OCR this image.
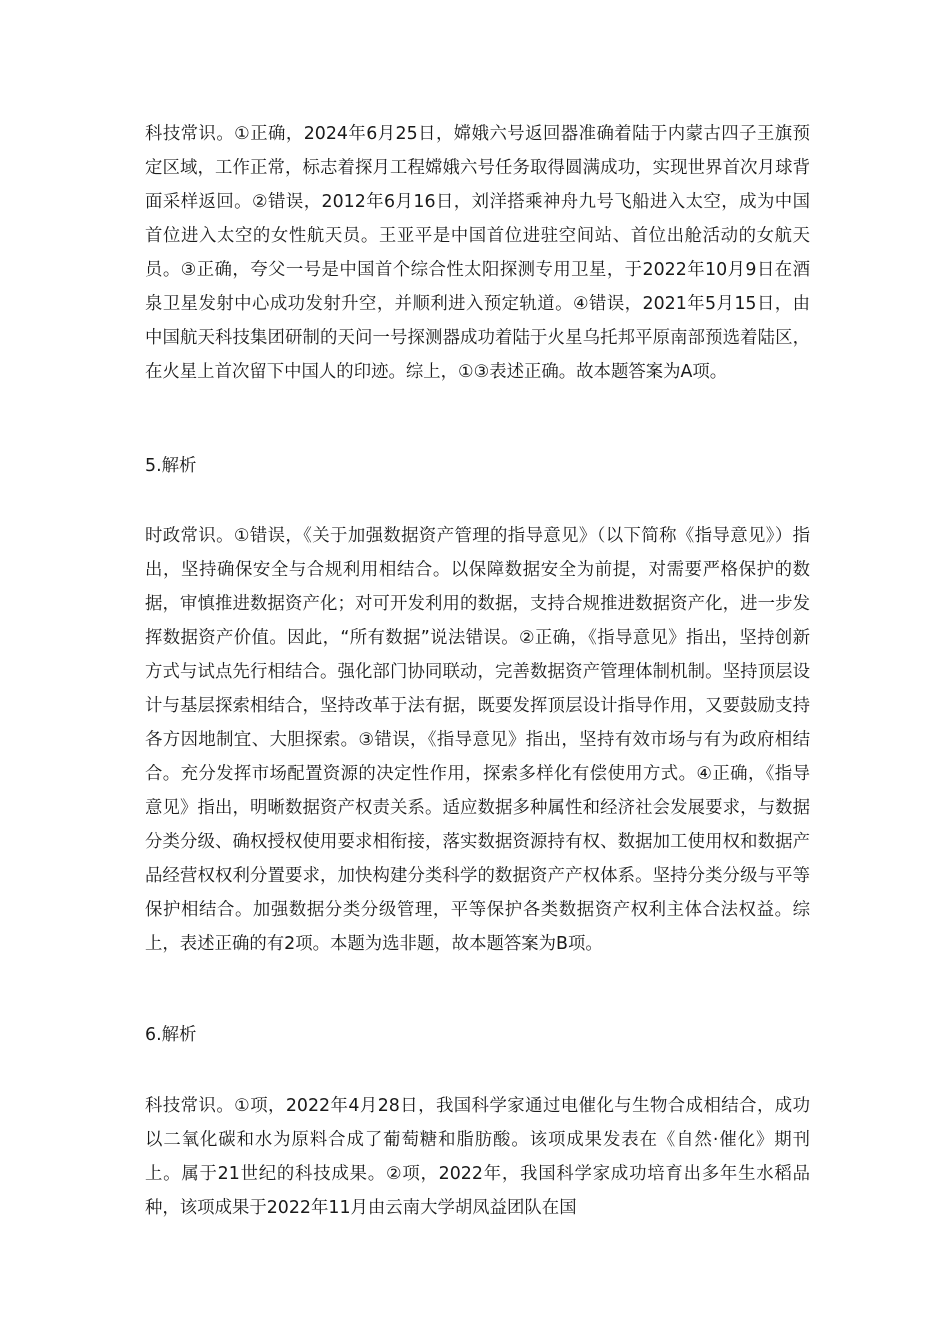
科技常识。①正确，2024年6月25日，嫦娥六号返回器准确着陆于内蒙古四子王旗预定区域，工作正常，标志着探月工程嫦娥六号任务取得圆满成功，实现世界首次月球背面采样返回。②错误，2012年6月16日，刘洋搭乘神舟九号飞船进入太空，成为中国首位进入太空的女性航天员。王亚平是中国首位进驻空间站、首位出舱活动的女航天员。③正确，夸父一号是中国首个综合性太阳探测专用卫星，于2022年10月9日在酒泉卫星发射中心成功发射升空，并顺利进入预定轨道。④错误，2021年5月15日，由中国航天科技集团研制的天问一号探测器成功着陆于火星乌托邦平原南部预选着陆区，在火星上首次留下中国人的印迹。综上，①③表述正确。故本题答案为A项。

5.解析

时政常识。①错误，《关于加强数据资产管理的指导意见》（以下简称《指导意见》）指出，坚持确保安全与合规利用相结合。以保障数据安全为前提，对需要严格保护的数据，审慎推进数据资产化；对可开发利用的数据，支持合规推进数据资产化，进一步发挥数据资产价值。因此，“所有数据”说法错误。②正确，《指导意见》指出，坚持创新方式与试点先行相结合。强化部门协同联动，完善数据资产管理体制机制。坚持顶层设计与基层探索相结合，坚持改革于法有据，既要发挥顶层设计指导作用，又要鼓励支持各方因地制宜、大胆探索。③错误，《指导意见》指出，坚持有效市场与有为政府相结合。充分发挥市场配置资源的决定性作用，探索多样化有偿使用方式。④正确，《指导意见》指出，明晰数据资产权责关系。适应数据多种属性和经济社会发展要求，与数据分类分级、确权授权使用要求相衔接，落实数据资源持有权、数据加工使用权和数据产品经营权权利分置要求，加快构建分类科学的数据资产产权体系。坚持分类分级与平等保护相结合。加强数据分类分级管理，平等保护各类数据资产权利主体合法权益。综上，表述正确的有2项。本题为选非题，故本题答案为B项。

6.解析

科技常识。①项，2022年4月28日，我国科学家通过电催化与生物合成相结合，成功以二氧化碳和水为原料合成了葡萄糖和脂肪酸。该项成果发表在《自然·催化》期刊上。属于21世纪的科技成果。②项，2022年，我国科学家成功培育出多年生水稻品种，该项成果于2022年11月由云南大学胡凤益团队在国
